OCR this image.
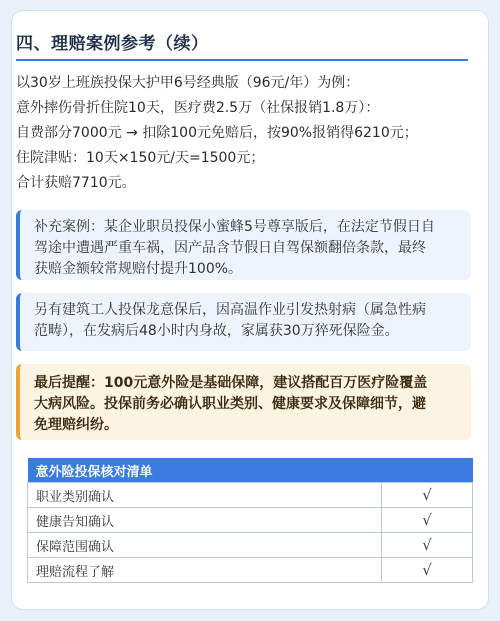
四、理赔案例参考（续）
以30岁上班族投保大护甲6号经典版（96元/年）为例：
意外摔伤骨折住院10天，医疗费2.5万（社保报销1.8万）：
自费部分7000元 → 扣除100元免赔后，按90%报销得6210元；
住院津贴：10天×150元/天=1500元；
合计获赔7710元。
补充案例：某企业职员投保小蜜蜂5号尊享版后，在法定节假日自
驾途中遭遇严重车祸，因产品含节假日自驾保额翻倍条款，最终
获赔金额较常规赔付提升100%。
另有建筑工人投保龙意保后，因高温作业引发热射病（属急性病
范畴），在发病后48小时内身故，家属获30万猝死保险金。
最后提醒：100元意外险是基础保障，建议搭配百万医疗险覆盖
大病风险。投保前务必确认职业类别、健康要求及保障细节，避
免理赔纠纷。
意外险投保核对清单	
职业类别确认	√
健康告知确认	√
保障范围确认	√
理赔流程了解	√
